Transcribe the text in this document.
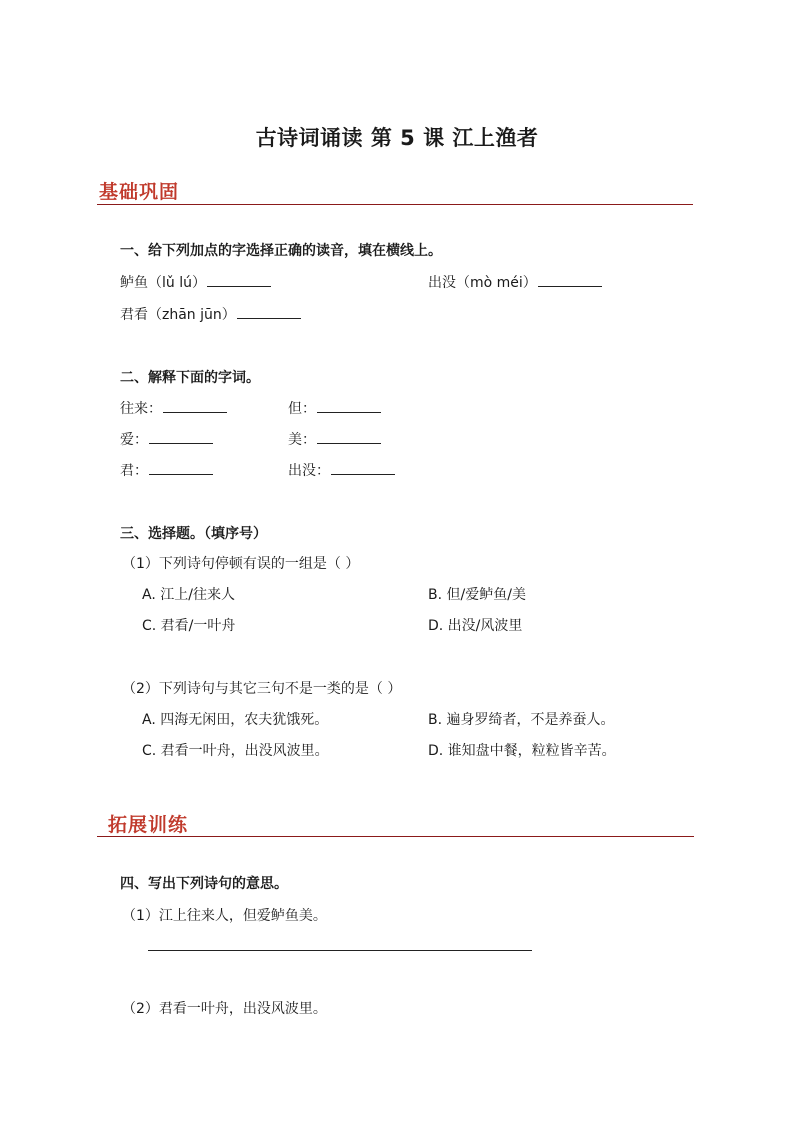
古诗词诵读 第 5 课 江上渔者
基础巩固
一、给下列加点的字选择正确的读音，填在横线上。
鲈鱼（lǔ lú）	出没（mò méi）
君看（zhān jūn）
二、解释下面的字词。
往来：	但：
爱：	美：
君：	出没：
三、选择题。（填序号）
（1）下列诗句停顿有误的一组是（ ）
A. 江上/往来人	B. 但/爱鲈鱼/美
C. 君看/一叶舟	D. 出没/风波里
（2）下列诗句与其它三句不是一类的是（ ）
A. 四海无闲田，农夫犹饿死。	B. 遍身罗绮者，不是养蚕人。
C. 君看一叶舟，出没风波里。	D. 谁知盘中餐，粒粒皆辛苦。
拓展训练
四、写出下列诗句的意思。
（1）江上往来人，但爱鲈鱼美。
（2）君看一叶舟，出没风波里。
